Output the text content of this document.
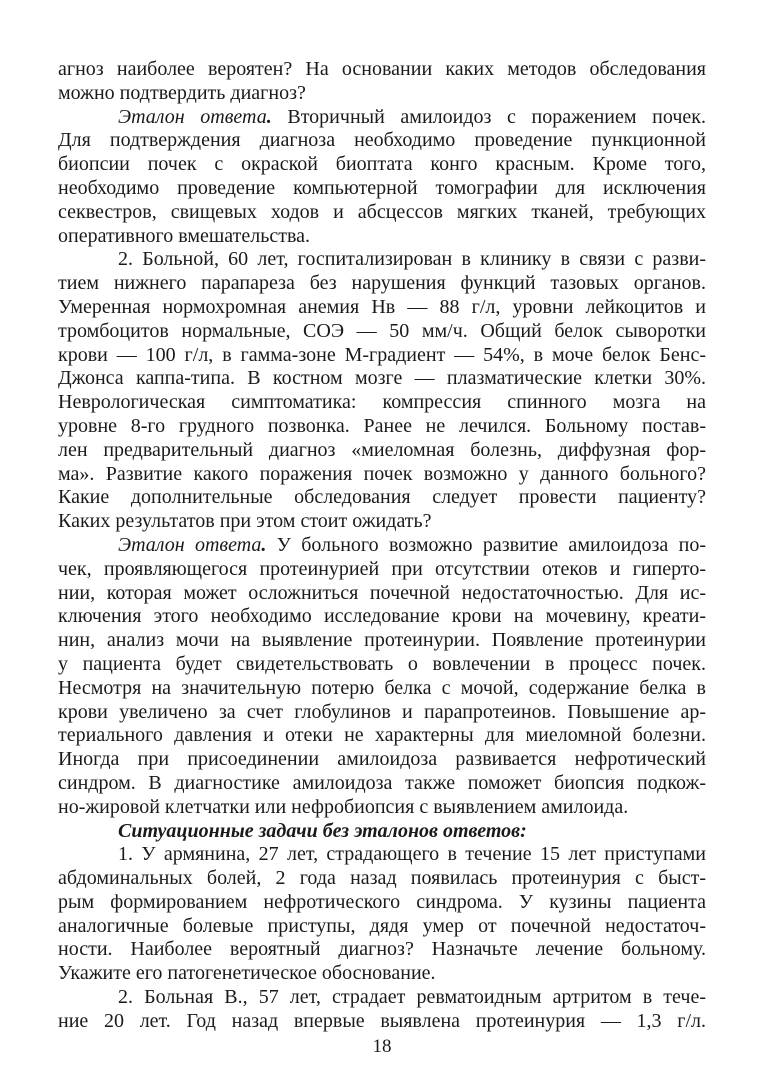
агноз наиболее вероятен? На основании каких методов обследования
можно подтвердить диагноз?
Эталон ответа. Вторичный амилоидоз с поражением почек.
Для подтверждения диагноза необходимо проведение пункционной
биопсии почек с окраской биоптата конго красным. Кроме того,
необходимо проведение компьютерной томографии для исключения
секвестров, свищевых ходов и абсцессов мягких тканей, требующих
оперативного вмешательства.
2. Больной, 60 лет, госпитализирован в клинику в связи с разви-
тием нижнего парапареза без нарушения функций тазовых органов.
Умеренная нормохромная анемия Нв — 88 г/л, уровни лейкоцитов и
тромбоцитов нормальные, СОЭ — 50 мм/ч. Общий белок сыворотки
крови — 100 г/л, в гамма-зоне М-градиент — 54%, в моче белок Бенс-
Джонса каппа-типа. В костном мозге — плазматические клетки 30%.
Неврологическая симптоматика: компрессия спинного мозга на
уровне 8-го грудного позвонка. Ранее не лечился. Больному постав-
лен предварительный диагноз «миеломная болезнь, диффузная фор-
ма». Развитие какого поражения почек возможно у данного больного?
Какие дополнительные обследования следует провести пациенту?
Каких результатов при этом стоит ожидать?
Эталон ответа. У больного возможно развитие амилоидоза по-
чек, проявляющегося протеинурией при отсутствии отеков и гиперто-
нии, которая может осложниться почечной недостаточностью. Для ис-
ключения этого необходимо исследование крови на мочевину, креати-
нин, анализ мочи на выявление протеинурии. Появление протеинурии
у пациента будет свидетельствовать о вовлечении в процесс почек.
Несмотря на значительную потерю белка с мочой, содержание белка в
крови увеличено за счет глобулинов и парапротеинов. Повышение ар-
териального давления и отеки не характерны для миеломной болезни.
Иногда при присоединении амилоидоза развивается нефротический
синдром. В диагностике амилоидоза также поможет биопсия подкож-
но-жировой клетчатки или нефробиопсия с выявлением амилоида.
Ситуационные задачи без эталонов ответов:
1. У армянина, 27 лет, страдающего в течение 15 лет приступами
абдоминальных болей, 2 года назад появилась протеинурия с быст-
рым формированием нефротического синдрома. У кузины пациента
аналогичные болевые приступы, дядя умер от почечной недостаточ-
ности. Наиболее вероятный диагноз? Назначьте лечение больному.
Укажите его патогенетическое обоснование.
2. Больная В., 57 лет, страдает ревматоидным артритом в тече-
ние 20 лет. Год назад впервые выявлена протеинурия — 1,3 г/л.
18
